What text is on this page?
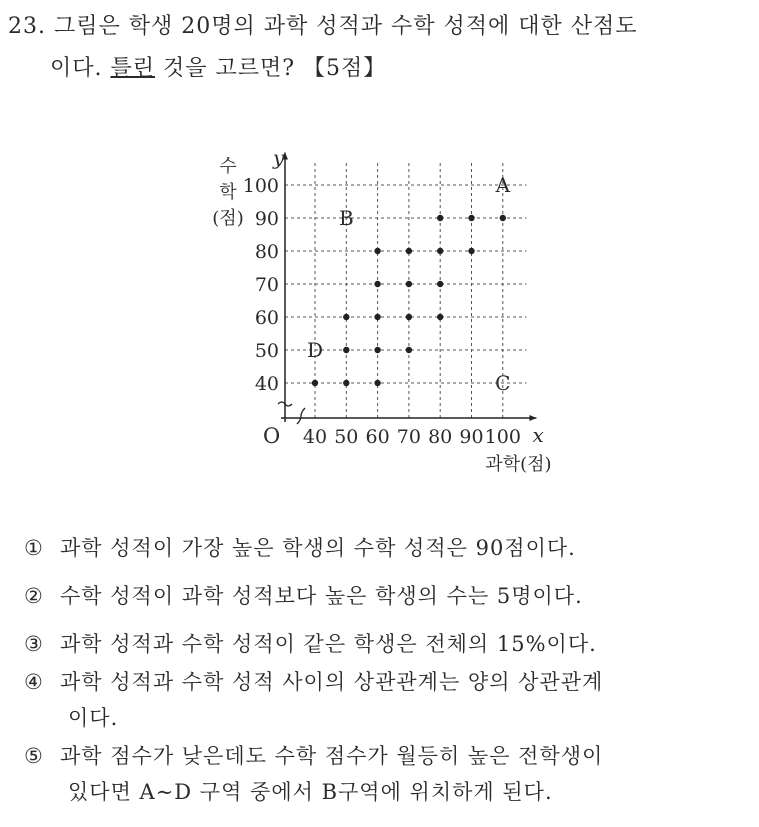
23. 그림은 학생 20명의 과학 성적과 수학 성적에 대한 산점도
이다. 틀린 것을 고르면? 【5점】
40 50 60 70 80 90 100
40
50
60
70
80
90
100
O	x
y
과학(점)
수
학
(점)
A
B
C
D
① 과학 성적이 가장 높은 학생의 수학 성적은 90점이다.
② 수학 성적이 과학 성적보다 높은 학생의 수는 5명이다.
③ 과학 성적과 수학 성적이 같은 학생은 전체의 15%이다.
④ 과학 성적과 수학 성적 사이의 상관관계는 양의 상관관계
이다.
⑤ 과학 점수가 낮은데도 수학 점수가 월등히 높은 전학생이
있다면 A∼D 구역 중에서 B구역에 위치하게 된다.
